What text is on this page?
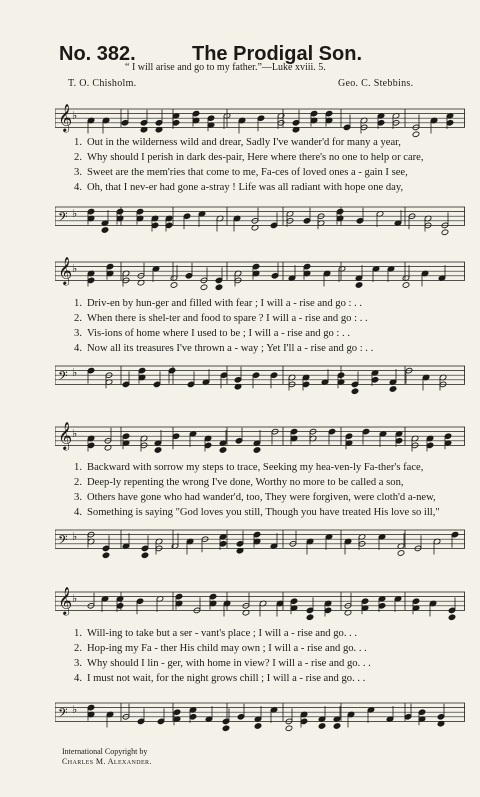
No. 382.	The Prodigal Son.
“ I will arise and go to my father.”—Luke xviii. 5.
T. O. Chisholm.	Geo. C. Stebbins.
𝄞 ♭
1. Out in the wilderness wild and drear, Sadly I've wander'd for many a year,
2. Why should I perish in dark des-pair, Here where there's no one to help or care,
3. Sweet are the mem'ries that come to me, Fa-ces of loved ones a - gain I see,
4. Oh, that I nev-er had gone a-stray ! Life was all radiant with hope one day,
𝄢 ♭
𝄞 ♭
1. Driv-en by hun-ger and filled with fear ; I will a - rise and go : . .
2. When there is shel-ter and food to spare ? I will a - rise and go : . .
3. Vis-ions of home where I used to be ; I will a - rise and go : . .
4. Now all its treasures I've thrown a - way ; Yet I'll a - rise and go : . .
𝄢 ♭
𝄞 ♭
1. Backward with sorrow my steps to trace, Seeking my hea-ven-ly Fa-ther's face,
2. Deep-ly repenting the wrong I've done, Worthy no more to be called a son,
3. Others have gone who had wander'd, too, They were forgiven, were cloth'd a-new,
4. Something is saying "God loves you still, Though you have treated His love so ill,"
𝄢 ♭
𝄞 ♭
1. Will-ing to take but a ser - vant's place ; I will a - rise and go. . .
2. Hop-ing my Fa - ther His child may own ; I will a - rise and go. . .
3. Why should I lin - ger, with home in view? I will a - rise and go. . .
4. I must not wait, for the night grows chill ; I will a - rise and go. . .
𝄢 ♭
International Copyright by
Charles M. Alexander.
